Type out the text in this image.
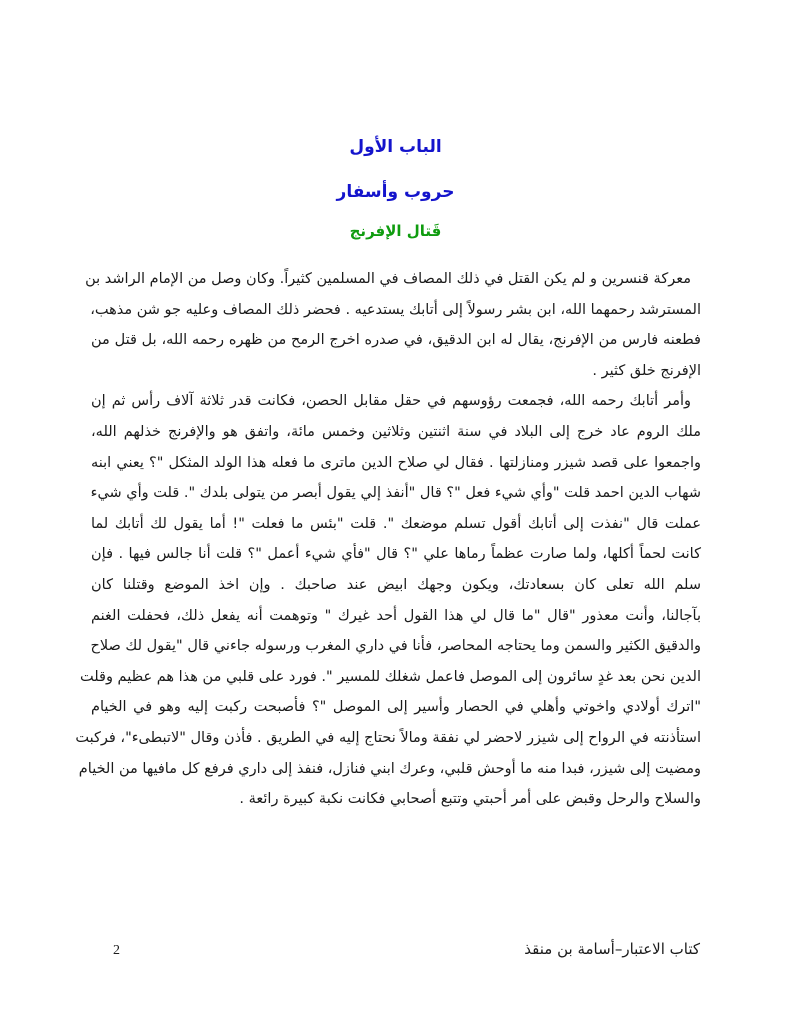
الباب الأول
حروب وأسفار
قَتال الإفرنج
معركة قنسرين و لم يكن القتل في ذلك المصاف في المسلمين كثيراً. وكان وصل من الإمام الراشد بن
المسترشد رحمهما الله، ابن بشر رسولاً إلى أتابك يستدعيه . فحضر ذلك المصاف وعليه جو شن مذهب،
فطعنه فارس من الإفرنج، يقال له ابن الدقيق، في صدره اخرج الرمح من ظهره رحمه الله، بل قتل من
الإفرنج خلق كثير .
وأمر أتابك رحمه الله، فجمعت رؤوسهم في حقل مقابل الحصن، فكانت قدر ثلاثة آلاف رأس ثم إن
ملك الروم عاد خرج إلى البلاد في سنة اثنتين وثلاثين وخمس مائة، واتفق هو والإفرنج خذلهم الله،
واجمعوا على قصد شيزر ومنازلتها . فقال لي صلاح الدين ماترى ما فعله هذا الولد المثكل "؟ يعني ابنه
شهاب الدين احمد قلت "وأي شيء فعل "؟ قال "أنفذ إلي يقول أبصر من يتولى بلدك ". قلت وأي شيء
عملت قال "نفذت إلى أتابك أقول تسلم موضعك ". قلت "بئس ما فعلت "! أما يقول لك أتابك لما
كانت لحماً أكلها، ولما صارت عظماً رماها علي "؟ قال "فأي شيء أعمل "؟ قلت أنا جالس فيها . فإن
سلم الله تعلى كان بسعادتك، ويكون وجهك ابيض عند صاحبك . وإن اخذ الموضع وقتلنا كان
بآجالنا، وأنت معذور "قال "ما قال لي هذا القول أحد غيرك " وتوهمت أنه يفعل ذلك، فحفلت الغنم
والدقيق الكثير والسمن وما يحتاجه المحاصر، فأنا في داري المغرب ورسوله جاءني قال "يقول لك صلاح
الدين نحن بعد غدٍ سائرون إلى الموصل فاعمل شغلك للمسير ". فورد على قلبي من هذا هم عظيم وقلت
"اترك أولادي واخوتي وأهلي في الحصار وأسير إلى الموصل "؟ فأصبحت ركبت إليه وهو في الخيام
استأذنته في الرواح إلى شيزر لاحضر لي نفقة ومالاً نحتاج إليه في الطريق . فأذن وقال "لاتبطىء"، فركبت
ومضيت إلى شيزر، فبدا منه ما أوحش قلبي، وعرك ابني فنازل، فنفذ إلى داري فرفع كل مافيها من الخيام
والسلاح والرحل وقبض على أمر أحبتي وتتبع أصحابي فكانت نكبة كبيرة رائعة .
كتاب الاعتبار–أسامة بن منقذ
2
